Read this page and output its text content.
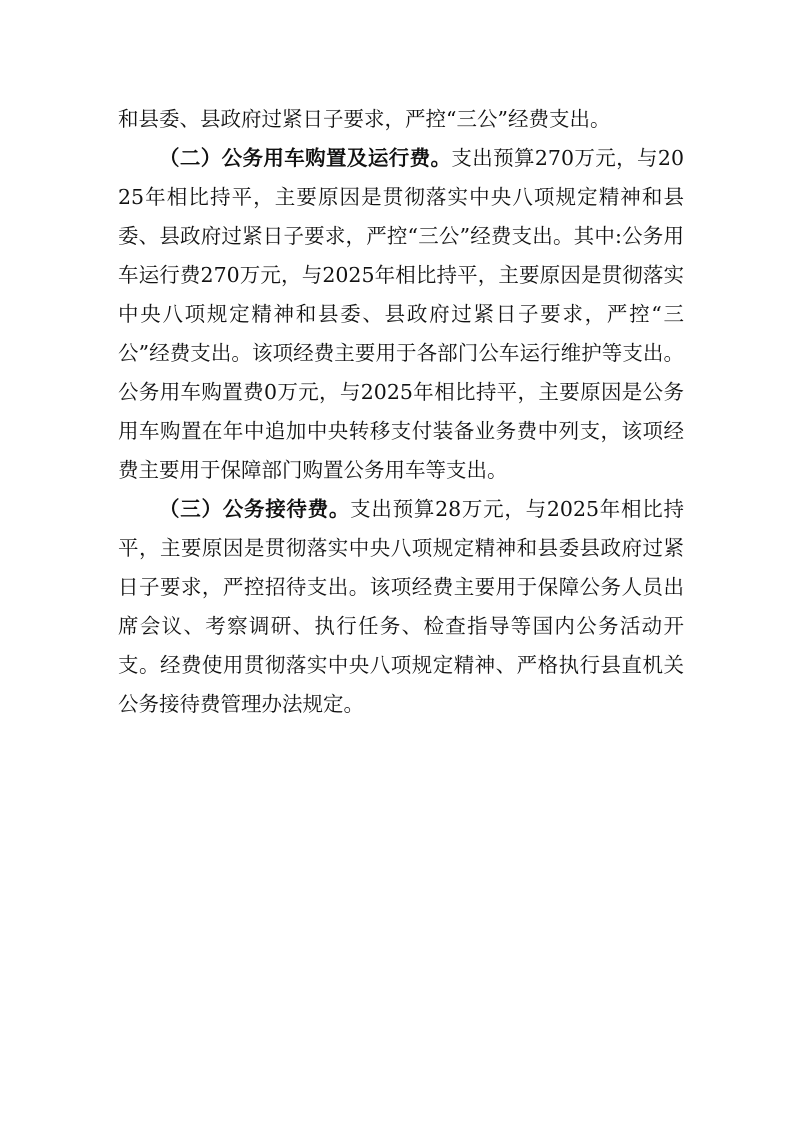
和县委、县政府过紧日子要求，严控“三公”经费支出。

（二）公务用车购置及运行费。支出预算270万元，与2025年相比持平，主要原因是贯彻落实中央八项规定精神和县委、县政府过紧日子要求，严控“三公”经费支出。其中:公务用车运行费270万元，与2025年相比持平，主要原因是贯彻落实中央八项规定精神和县委、县政府过紧日子要求，严控“三公”经费支出。该项经费主要用于各部门公车运行维护等支出。公务用车购置费0万元，与2025年相比持平，主要原因是公务用车购置在年中追加中央转移支付装备业务费中列支，该项经费主要用于保障部门购置公务用车等支出。

（三）公务接待费。支出预算28万元，与2025年相比持平，主要原因是贯彻落实中央八项规定精神和县委县政府过紧日子要求，严控招待支出。该项经费主要用于保障公务人员出席会议、考察调研、执行任务、检查指导等国内公务活动开支。经费使用贯彻落实中央八项规定精神、严格执行县直机关公务接待费管理办法规定。
